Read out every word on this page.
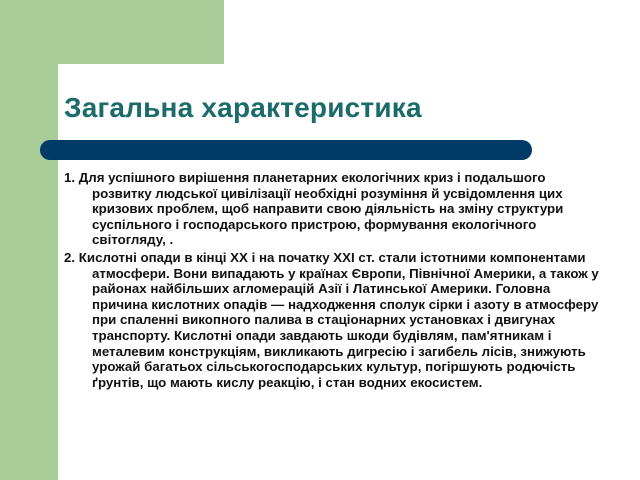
Загальна характеристика

1. Для успішного вирішення планетарних екологічних криз і подальшого розвитку людської цивілізації необхідні розуміння й усвідомлення цих кризових проблем, щоб направити свою діяльність на зміну структури суспільного і господарського пристрою, формування екологічного світогляду, .

2. Кислотні опади в кінці ХХ і на початку ХХІ ст. стали істотними компонентами атмосфери. Вони випадають у країнах Європи, Північної Америки, а також у районах найбільших агломерацій Азії і Латинської Америки. Головна причина кислотних опадів — надходження сполук сірки і азоту в атмосферу при спаленні викопного палива в стаціонарних установках і двигунах транспорту. Кислотні опади завдають шкоди будівлям, пам'ятникам і металевим конструкціям, викликають дигресію і загибель лісів, знижують урожай багатьох сільськогосподарських культур, погіршують родючість ґрунтів, що мають кислу реакцію, і стан водних екосистем.
